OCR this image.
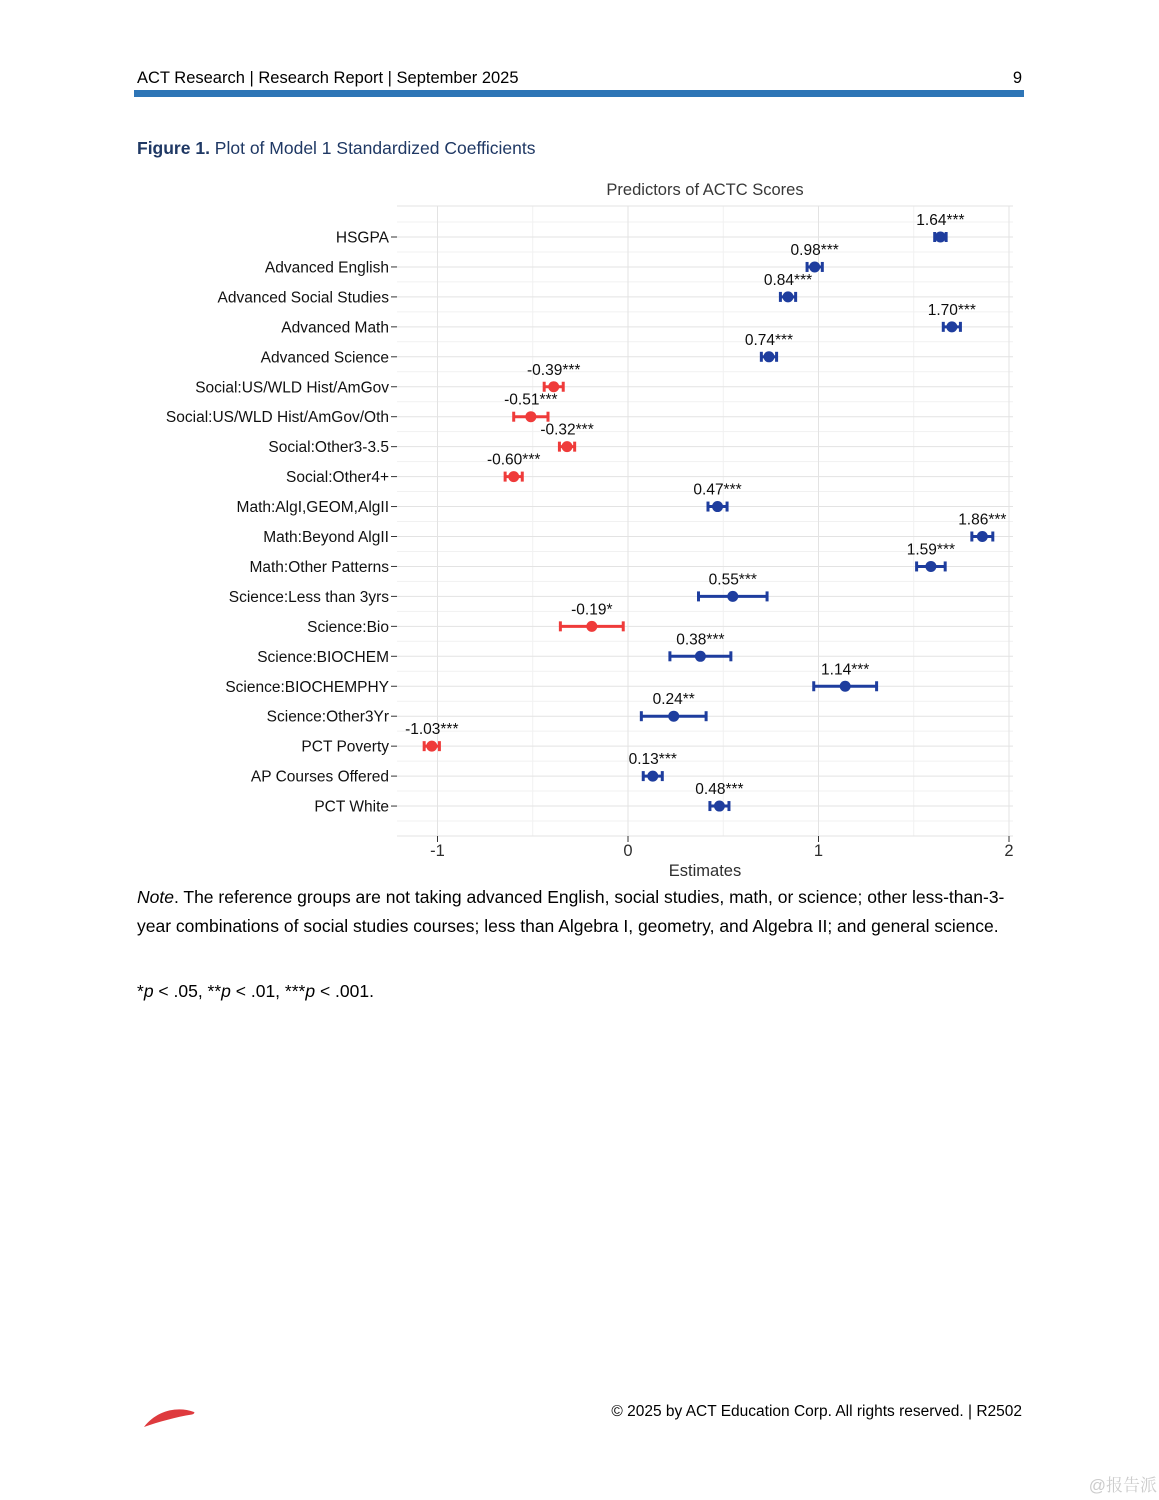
ACT Research | Research Report | September 2025	9
Figure 1. Plot of Model 1 Standardized Coefficients
Predictors of ACTC Scores
HSGPA
Advanced English
Advanced Social Studies
Advanced Math
Advanced Science
Social:US/WLD Hist/AmGov
Social:US/WLD Hist/AmGov/Oth
Social:Other3-3.5
Social:Other4+
Math:AlgI,GEOM,AlgII
Math:Beyond AlgII
Math:Other Patterns
Science:Less than 3yrs
Science:Bio
Science:BIOCHEM
Science:BIOCHEMPHY
Science:Other3Yr
PCT Poverty
AP Courses Offered
PCT White
-1	0	1	2
Estimates
1.64***
0.98***
0.84***
1.70***
0.74***
-0.39***
-0.51***
-0.32***
-0.60***
0.47***
1.86***
1.59***
0.55***
-0.19*
0.38***
1.14***
0.24**
-1.03***
0.13***
0.48***

Note. The reference groups are not taking advanced English, social studies, math, or science; other less-than-3-year combinations of social studies courses; less than Algebra I, geometry, and Algebra II; and general science.

*p < .05, **p < .01, ***p < .001.

© 2025 by ACT Education Corp. All rights reserved. | R2502
@报告派
